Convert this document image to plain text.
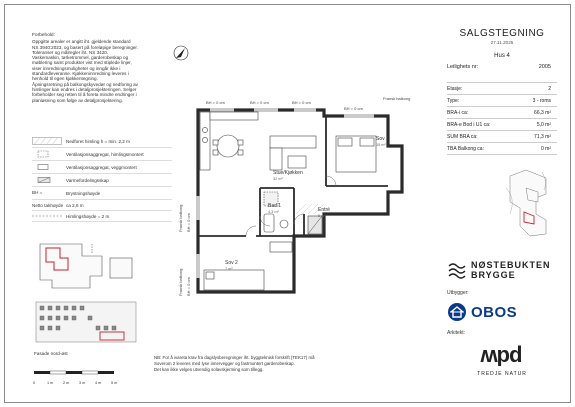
Forbehold:
Oppgitte arealer er angitt iht. gjeldende standard
NS 3940:2023, og basert på foreløpige beregninger.
Toleranser og målregler iht. NS 3420.
Vaskemaskin, tørketrommel, garderobeskap og
møblering samt produkter vist med stiplede linjer,
viser innredningsmuligheter og inngår ikke i
standardleveranse. Kjøkkeninnredning leveres i
henhold til egen kjøkkentegning.
Åpningsretning på balkongskyvedør og nedforing av
himlinger kan endres i detaljprosjekteringen. Selger
forbeholder seg retten til å foreta mindre endringer i
planløsning som følge av detaljprosjektering.
Nedforet himling h = min. 2,2 m
Ventilasjonsaggregat, himlingsmontert
Ventilasjonsaggregat, veggmontert
Varmefordelingsskap
BH =	Brystningshøyde
Netto takhøyde ca 2,6 m
Himlingshøyde = 2 m
Fasade nord-øst
0	1 m	2 m	3 m	4 m	5 m
Stue/Kjøkken
32 m²
Sov 1
15 m²
Bad 1
4,3 m²	Entré
5 m²
Sov 2
7 m²
BH = 0 cm	BH = 0 cm	BH = 0 cm
BH = 0 cm
Fransk balkong
Fransk balkong BH = 0 cm
Fransk balkong BH = 0 cm
NB: For å ivareta krav fra dagslysberegninger iht. byggteknisk forskrift (TEK17) må
Soverom 2 leveres med lyse innervegger og fastmontert garderobeskap.
Det kan ikke velges utvendig solavskjerming som tillegg.
SALGSTEGNING
27.11.2025
Hus 4
Leilighets nr:	2005
Etasje:	2
Type:	3 - roms
BRA-i ca:	66,3 m²
BRA-e Bod i U1 ca:	5,0 m²
SUM BRA ca:	71,3 m²
TBA Balkong ca:	0 m²
NØSTEBUKTEN
BRYGGE
Utbygger:
OBOS
Arkitekt:
pdw
TREDJE NATUR
